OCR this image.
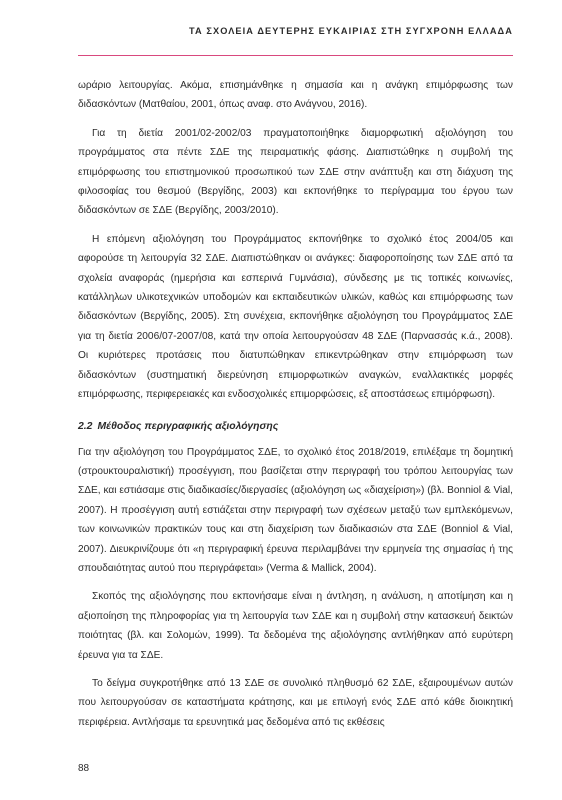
ΤΑ ΣΧΟΛΕΙΑ ΔΕΥΤΕΡΗΣ ΕΥΚΑΙΡΙΑΣ ΣΤΗ ΣΥΓΧΡΟΝΗ ΕΛΛΑΔΑ

ωράριο λειτουργίας. Ακόμα, επισημάνθηκε η σημασία και η ανάγκη επιμόρφωσης των διδασκόντων (Ματθαίου, 2001, όπως αναφ. στο Ανάγνου, 2016).

Για τη διετία 2001/02-2002/03 πραγματοποιήθηκε διαμορφωτική αξιολόγηση του προγράμματος στα πέντε ΣΔΕ της πειραματικής φάσης. Διαπιστώθηκε η συμβολή της επιμόρφωσης του επιστημονικού προσωπικού των ΣΔΕ στην ανάπτυξη και στη διάχυση της φιλοσοφίας του θεσμού (Βεργίδης, 2003) και εκπονήθηκε το περίγραμμα του έργου των διδασκόντων σε ΣΔΕ (Βεργίδης, 2003/2010).

Η επόμενη αξιολόγηση του Προγράμματος εκπονήθηκε το σχολικό έτος 2004/05 και αφορούσε τη λειτουργία 32 ΣΔΕ. Διαπιστώθηκαν οι ανάγκες: διαφοροποίησης των ΣΔΕ από τα σχολεία αναφοράς (ημερήσια και εσπερινά Γυμνάσια), σύνδεσης με τις τοπικές κοινωνίες, κατάλληλων υλικοτεχνικών υποδομών και εκπαιδευτικών υλικών, καθώς και επιμόρφωσης των διδασκόντων (Βεργίδης, 2005). Στη συνέχεια, εκπονήθηκε αξιολόγηση του Προγράμματος ΣΔΕ για τη διετία 2006/07-2007/08, κατά την οποία λειτουργούσαν 48 ΣΔΕ (Παρνασσάς κ.ά., 2008). Οι κυριότερες προτάσεις που διατυπώθηκαν επικεντρώθηκαν στην επιμόρφωση των διδασκόντων (συστηματική διερεύνηση επιμορφωτικών αναγκών, εναλλακτικές μορφές επιμόρφωσης, περιφερειακές και ενδοσχολικές επιμορφώσεις, εξ αποστάσεως επιμόρφωση).

2.2 Μέθοδος περιγραφικής αξιολόγησης

Για την αξιολόγηση του Προγράμματος ΣΔΕ, το σχολικό έτος 2018/2019, επιλέξαμε τη δομητική (στρουκτουραλιστική) προσέγγιση, που βασίζεται στην περιγραφή του τρόπου λειτουργίας των ΣΔΕ, και εστιάσαμε στις διαδικασίες/διεργασίες (αξιολόγηση ως «διαχείριση») (βλ. Bonniol & Vial, 2007). Η προσέγγιση αυτή εστιάζεται στην περιγραφή των σχέσεων μεταξύ των εμπλεκόμενων, των κοινωνικών πρακτικών τους και στη διαχείριση των διαδικασιών στα ΣΔΕ (Bonniol & Vial, 2007). Διευκρινίζουμε ότι «η περιγραφική έρευνα περιλαμβάνει την ερμηνεία της σημασίας ή της σπουδαιότητας αυτού που περιγράφεται» (Verma & Mallick, 2004).

Σκοπός της αξιολόγησης που εκπονήσαμε είναι η άντληση, η ανάλυση, η αποτίμηση και η αξιοποίηση της πληροφορίας για τη λειτουργία των ΣΔΕ και η συμβολή στην κατασκευή δεικτών ποιότητας (βλ. και Σολομών, 1999). Τα δεδομένα της αξιολόγησης αντλήθηκαν από ευρύτερη έρευνα για τα ΣΔΕ.

Το δείγμα συγκροτήθηκε από 13 ΣΔΕ σε συνολικό πληθυσμό 62 ΣΔΕ, εξαιρουμένων αυτών που λειτουργούσαν σε καταστήματα κράτησης, και με επιλογή ενός ΣΔΕ από κάθε διοικητική περιφέρεια. Αντλήσαμε τα ερευνητικά μας δεδομένα από τις εκθέσεις

88
